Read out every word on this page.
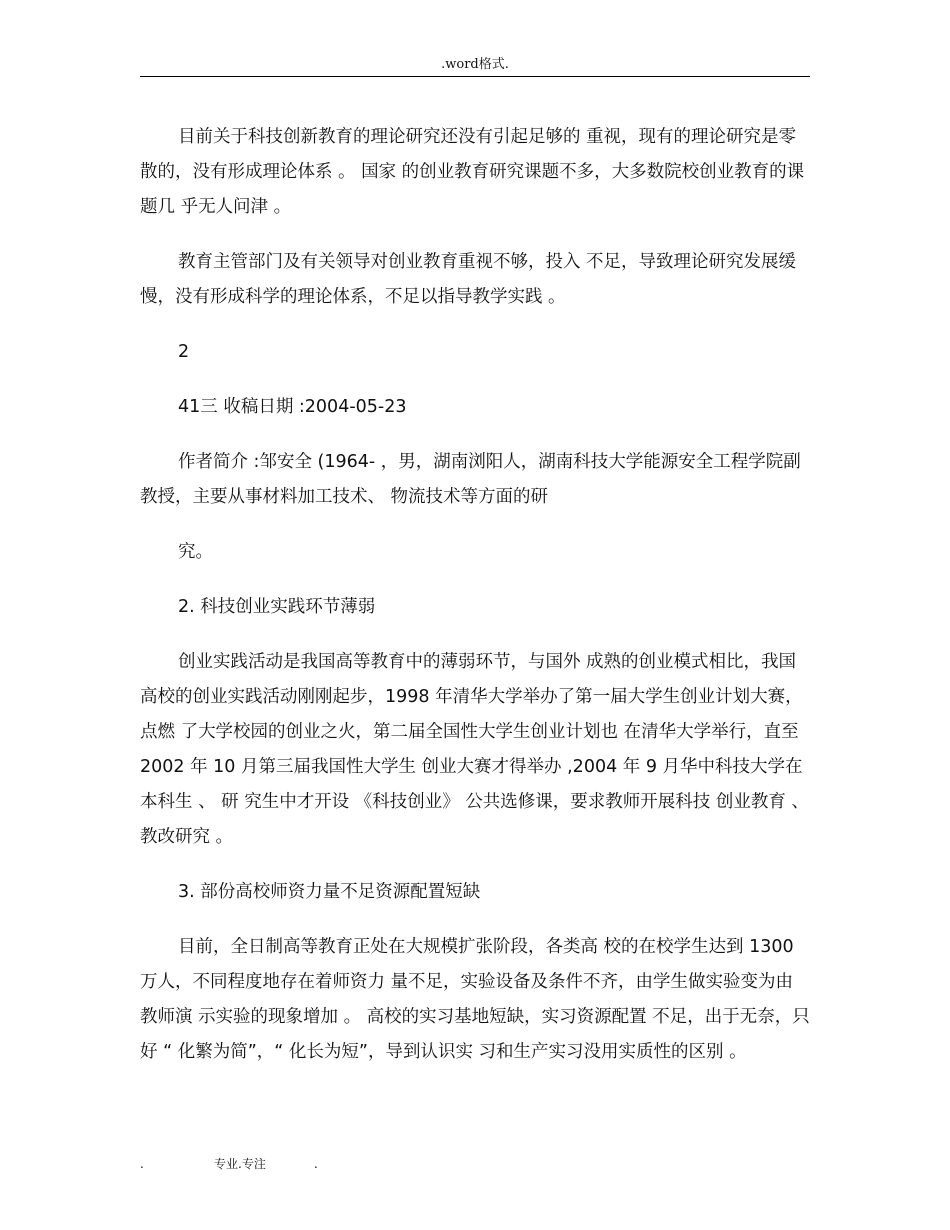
.word格式.

目前关于科技创新教育的理论研究还没有引起足够的 重视，现有的理论研究是零散的，没有形成理论体系 。 国家 的创业教育研究课题不多，大多数院校创业教育的课题几 乎无人问津 。

教育主管部门及有关领导对创业教育重视不够，投入 不足，导致理论研究发展缓慢，没有形成科学的理论体系，不足以指导教学实践 。

2

41三 收稿日期 :2004-05-23

作者简介 :邹安全 (1964- ，男，湖南浏阳人，湖南科技大学能源安全工程学院副教授，主要从事材料加工技术、 物流技术等方面的研

究。

2. 科技创业实践环节薄弱

创业实践活动是我国高等教育中的薄弱环节，与国外 成熟的创业模式相比，我国高校的创业实践活动刚刚起步，1998 年清华大学举办了第一届大学生创业计划大赛，点燃 了大学校园的创业之火，第二届全国性大学生创业计划也 在清华大学举行，直至 2002 年 10 月第三届我国性大学生 创业大赛才得举办 ,2004 年 9 月华中科技大学在本科生 、 研 究生中才开设 《科技创业》 公共选修课，要求教师开展科技 创业教育 、 教改研究 。

3. 部份高校师资力量不足资源配置短缺

目前，全日制高等教育正处在大规模扩张阶段，各类高 校的在校学生达到 1300 万人，不同程度地存在着师资力 量不足，实验设备及条件不齐，由学生做实验变为由教师演 示实验的现象增加 。 高校的实习基地短缺，实习资源配置 不足，出于无奈，只好 “ 化繁为简”，“ 化长为短”，导到认识实 习和生产实习没用实质性的区别 。

.	专业.专注	.
